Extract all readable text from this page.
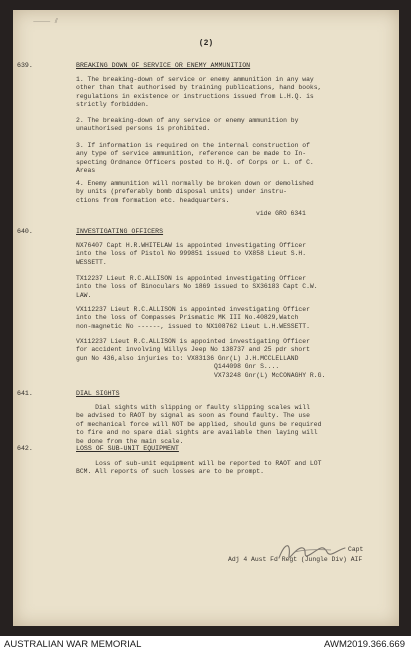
⸻ ⫽
(2)
639.	BREAKING DOWN OF SERVICE OR ENEMY AMMUNITION
1. The breaking-down of service or enemy ammunition in any way
other than that authorised by training publications, hand books,
regulations in existence or instructions issued from L.H.Q. is
strictly forbidden.
2. The breaking-down of any service or enemy ammunition by
unauthorised persons is prohibited.
3. If information is required on the internal construction of
any type of service ammunition, reference can be made to In-
specting Ordnance Officers posted to H.Q. of Corps or L. of C.
Areas
4. Enemy ammunition will normally be broken down or demolished
by units (preferably bomb disposal units) under instru-
ctions from formation etc. headquarters.
vide GRO 6341
640.	INVESTIGATING OFFICERS
NX76407 Capt H.R.WHITELAW is appointed investigating Officer
into the loss of Pistol No 999851 issued to VX858 Lieut S.H.
WESSETT.
TX12237 Lieut R.C.ALLISON is appointed investigating Officer
into the loss of Binoculars No 1869 issued to SX36183 Capt C.W.
LAW.
VX112237 Lieut R.C.ALLISON is appointed investigating Officer
into the loss of Compasses Prismatic MK III No.40829,Watch
non-magnetic No ------, issued to NX108762 Lieut L.H.WESSETT.
VX112237 Lieut R.C.ALLISON is appointed investigating Officer
for accident involving Willys Jeep No 138737 and 25 pdr short
gun No 436,also injuries to: VX83136 Gnr(L) J.H.MCCLELLAND
Q144098 Gnr S....
VX73248 Gnr(L) McCONAGHY R.G.
641.	DIAL SIGHTS
Dial sights with slipping or faulty slipping scales will
be advised to RAOT by signal as soon as found faulty. The use
of mechanical force will NOT be applied, should guns be required
to fire and no spare dial sights are available then laying will
be done from the main scale.
642.	LOSS OF SUB-UNIT EQUIPMENT
Loss of sub-unit equipment will be reported to RAOT and LOT
BCM. All reports of such losses are to be prompt.
Capt
Adj 4 Aust Fd Regt (Jungle Div) AIF
AUSTRALIAN WAR MEMORIAL	AWM2019.366.669
